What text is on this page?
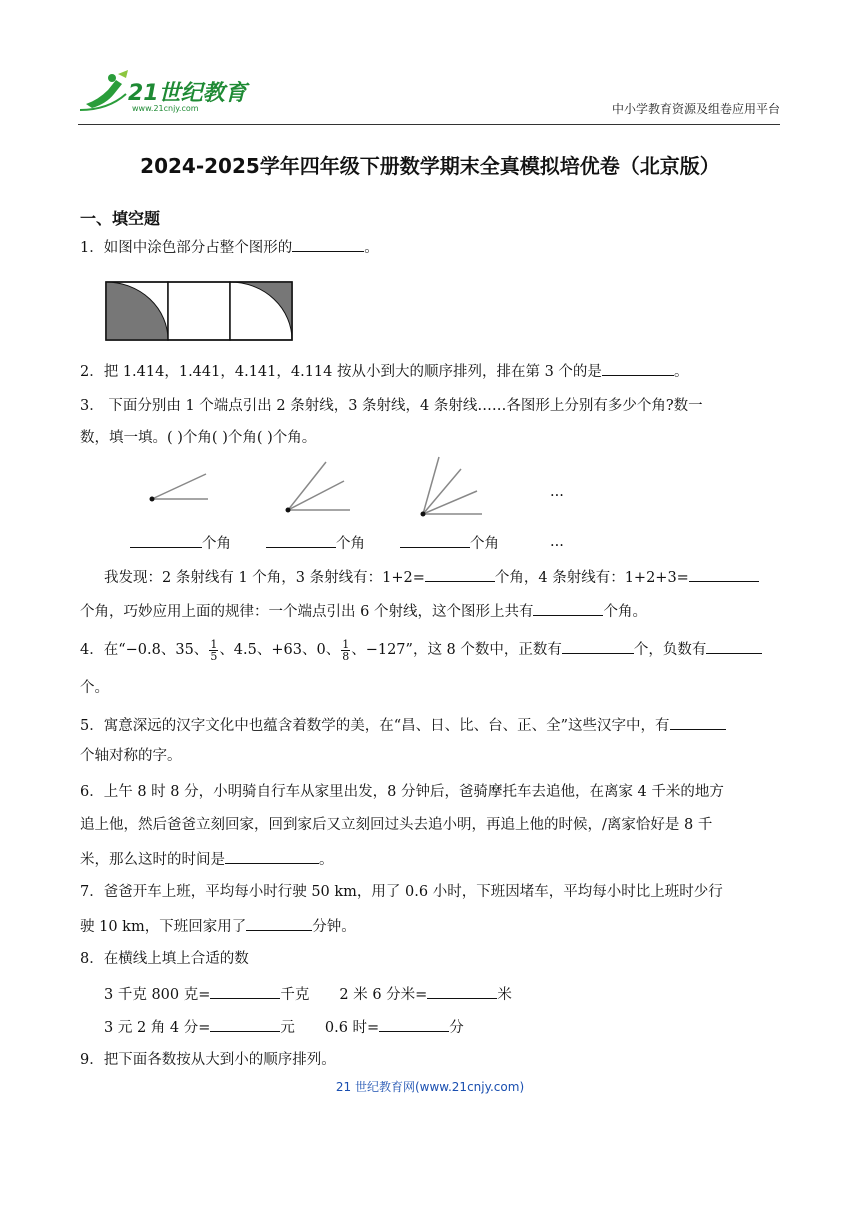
21世纪教育
www.21cnjy.com	中小学教育资源及组卷应用平台
2024-2025学年四年级下册数学期末全真模拟培优卷（北京版）
一、填空题
1．如图中涂色部分占整个图形的	。
2．把 1.414，1.441，4.141，4.114 按从小到大的顺序排列，排在第 3 个的是	。
3． 下面分别由 1 个端点引出 2 条射线，3 条射线，4 条射线……各图形上分别有多少个角?数一
数，填一填。( )个角( )个角( )个角。
...
个角	个角	个角	...
我发现：2 条射线有 1 个角，3 条射线有：1+2=	个角，4 条射线有：1+2+3=
个角，巧妙应用上面的规律：一个端点引出 6 个射线，这个图形上共有	个角。
4．在“−0.8、35、 $\frac{1}{5}$ 、4.5、+63、0、 $\frac{1}{8}$ 、−127”，这 8 个数中，正数有	个，负数有
个。
5．寓意深远的汉字文化中也蕴含着数学的美，在“昌、日、比、台、正、全”这些汉字中，有
个轴对称的字。
6．上午 8 时 8 分，小明骑自行车从家里出发，8 分钟后，爸骑摩托车去追他，在离家 4 千米的地方
追上他，然后爸爸立刻回家，回到家后又立刻回过头去追小明，再追上他的时候，/离家恰好是 8 千
米，那么这时的时间是	。
7．爸爸开车上班，平均每小时行驶 50 km，用了 0.6 小时，下班因堵车，平均每小时比上班时少行
驶 10 km，下班回家用了	分钟。
8．在横线上填上合适的数
3 千克 800 克=	千克 2 米 6 分米=	米
3 元 2 角 4 分=	元 0.6 时=	分
9．把下面各数按从大到小的顺序排列。
21 世纪教育网(www.21cnjy.com)
